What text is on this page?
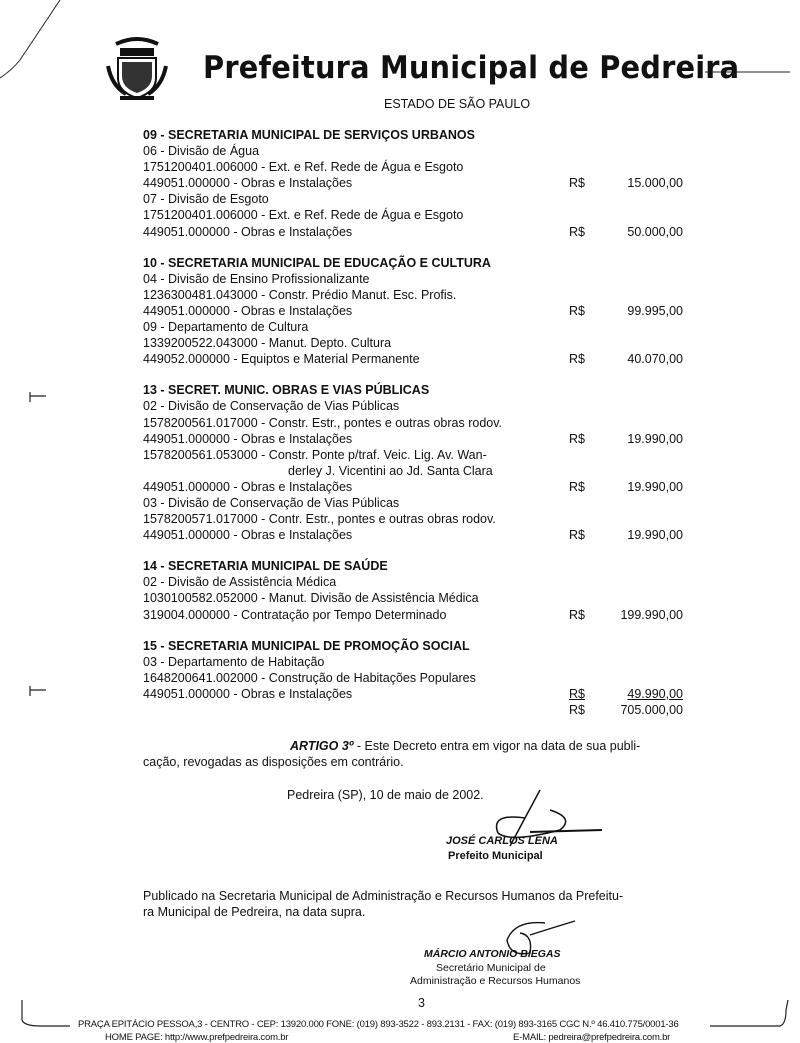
Prefeitura Municipal de Pedreira
ESTADO DE SÃO PAULO
09 - SECRETARIA MUNICIPAL DE SERVIÇOS URBANOS
06 - Divisão de Água
1751200401.006000 - Ext. e Ref. Rede de Água e Esgoto
449051.000000 - Obras e Instalações	R$	15.000,00
07 - Divisão de Esgoto
1751200401.006000 - Ext. e Ref. Rede de Água e Esgoto
449051.000000 - Obras e Instalações	R$	50.000,00
10 - SECRETARIA MUNICIPAL DE EDUCAÇÃO E CULTURA
04 - Divisão de Ensino Profissionalizante
1236300481.043000 - Constr. Prédio Manut. Esc. Profis.
449051.000000 - Obras e Instalações	R$	99.995,00
09 - Departamento de Cultura
1339200522.043000 - Manut. Depto. Cultura
449052.000000 - Equiptos e Material Permanente	R$	40.070,00
13 - SECRET. MUNIC. OBRAS E VIAS PÚBLICAS
02 - Divisão de Conservação de Vias Públicas
1578200561.017000 - Constr. Estr., pontes e outras obras rodov.
449051.000000 - Obras e Instalações	R$	19.990,00
1578200561.053000 - Constr. Ponte p/traf. Veic. Lig. Av. Wan-
derley J. Vicentini ao Jd. Santa Clara
449051.000000 - Obras e Instalações	R$	19.990,00
03 - Divisão de Conservação de Vias Públicas
1578200571.017000 - Contr. Estr., pontes e outras obras rodov.
449051.000000 - Obras e Instalações	R$	19.990,00
14 - SECRETARIA MUNICIPAL DE SAÚDE
02 - Divisão de Assistência Médica
1030100582.052000 - Manut. Divisão de Assistência Médica
319004.000000 - Contratação por Tempo Determinado	R$	199.990,00
15 - SECRETARIA MUNICIPAL DE PROMOÇÃO SOCIAL
03 - Departamento de Habitação
1648200641.002000 - Construção de Habitações Populares
449051.000000 - Obras e Instalações	R$	49.990,00
R$	705.000,00
ARTIGO 3º - Este Decreto entra em vigor na data de sua publi-
cação, revogadas as disposições em contrário.
Pedreira (SP), 10 de maio de 2002.
JOSÉ CARLOS LENA
Prefeito Municipal
Publicado na Secretaria Municipal de Administração e Recursos Humanos da Prefeitu-
ra Municipal de Pedreira, na data supra.
MÁRCIO ANTONIO BIEGAS
Secretário Municipal de
Administração e Recursos Humanos
3
PRAÇA EPITÁCIO PESSOA,3 - CENTRO - CEP: 13920.000 FONE: (019) 893-3522 - 893.2131 - FAX: (019) 893-3165 CGC N.º 46.410.775/0001-36
HOME PAGE: http://www.prefpedreira.com.br	E-MAIL: pedreira@prefpedreira.com.br
